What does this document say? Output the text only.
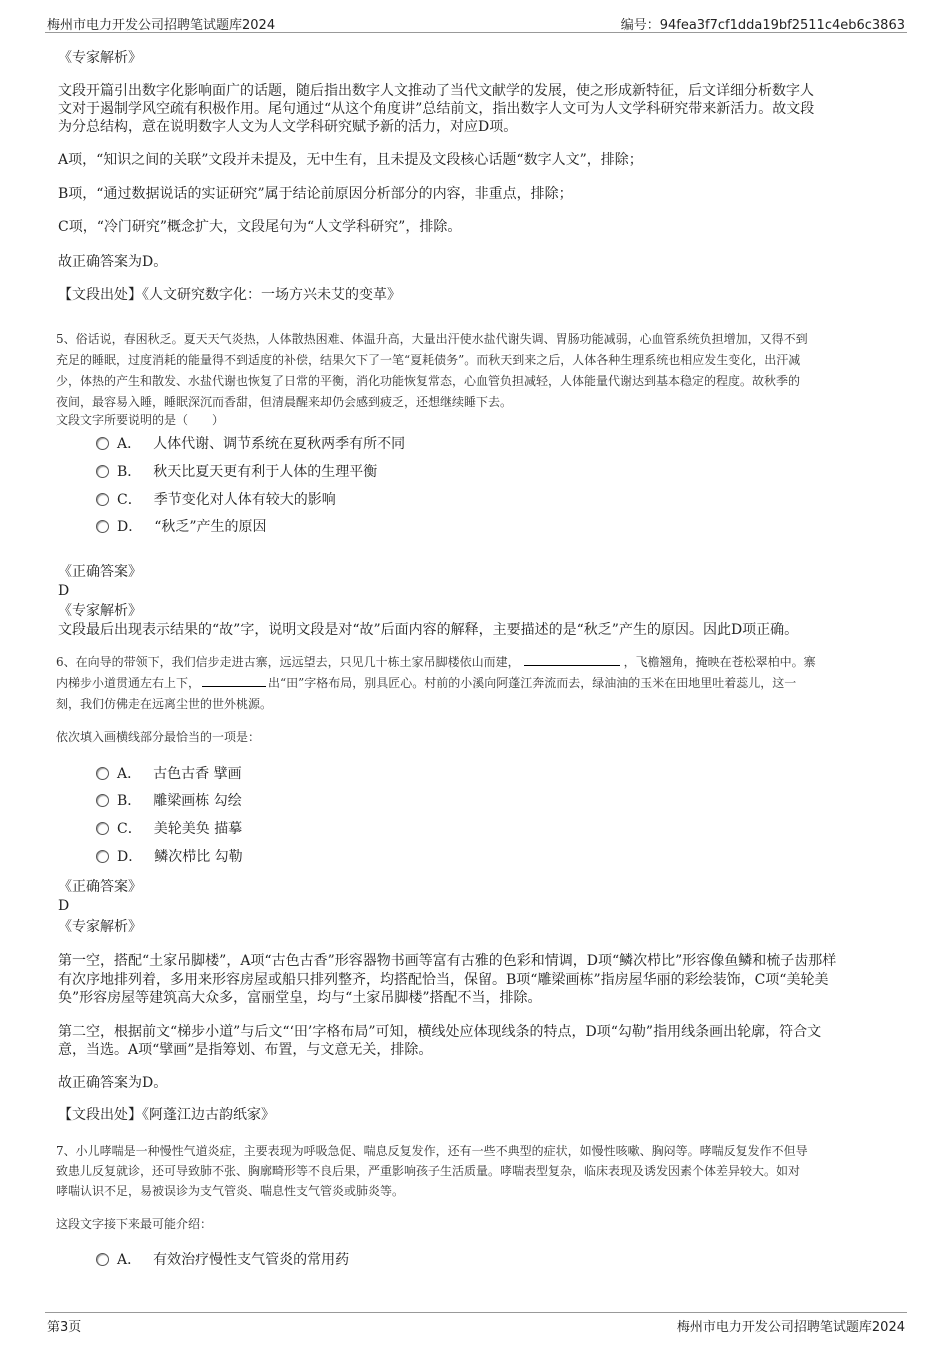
梅州市电力开发公司招聘笔试题库2024	编号：94fea3f7cf1dda19bf2511c4eb6c3863
《专家解析》
文段开篇引出数字化影响面广的话题，随后指出数字人文推动了当代文献学的发展，使之形成新特征，后文详细分析数字人
文对于遏制学风空疏有积极作用。尾句通过“从这个角度讲”总结前文，指出数字人文可为人文学科研究带来新活力。故文段
为分总结构，意在说明数字人文为人文学科研究赋予新的活力，对应D项。
A项，“知识之间的关联”文段并未提及，无中生有，且未提及文段核心话题“数字人文”，排除；
B项，“通过数据说话的实证研究”属于结论前原因分析部分的内容，非重点，排除；
C项，“冷门研究”概念扩大，文段尾句为“人文学科研究”，排除。
故正确答案为D。
【文段出处】《人文研究数字化：一场方兴未艾的变革》
5、俗话说，春困秋乏。夏天天气炎热，人体散热困难、体温升高，大量出汗使水盐代谢失调、胃肠功能减弱，心血管系统负担增加，又得不到
充足的睡眠，过度消耗的能量得不到适度的补偿，结果欠下了一笔“夏耗债务”。而秋天到来之后，人体各种生理系统也相应发生变化，出汗减
少，体热的产生和散发、水盐代谢也恢复了日常的平衡，消化功能恢复常态，心血管负担减轻，人体能量代谢达到基本稳定的程度。故秋季的
夜间，最容易入睡，睡眠深沉而香甜，但清晨醒来却仍会感到疲乏，还想继续睡下去。
文段文字所要说明的是（　　）
A． 人体代谢、调节系统在夏秋两季有所不同
B． 秋天比夏天更有利于人体的生理平衡
C． 季节变化对人体有较大的影响
D． “秋乏”产生的原因
《正确答案》
D
《专家解析》
文段最后出现表示结果的“故”字，说明文段是对“故”后面内容的解释，主要描述的是“秋乏”产生的原因。因此D项正确。
6、在向导的带领下，我们信步走进古寨，远远望去，只见几十栋土家吊脚楼依山而建，	，飞檐翘角，掩映在苍松翠柏中。寨
内梯步小道贯通左右上下，	出“田”字格布局，别具匠心。村前的小溪向阿蓬江奔流而去，绿油油的玉米在田地里吐着蕊儿，这一
刻，我们仿佛走在远离尘世的世外桃源。
依次填入画横线部分最恰当的一项是：
A． 古色古香 擘画
B． 雕梁画栋 勾绘
C． 美轮美奂 描摹
D． 鳞次栉比 勾勒
《正确答案》
D
《专家解析》
第一空，搭配“土家吊脚楼”，A项“古色古香”形容器物书画等富有古雅的色彩和情调，D项“鳞次栉比”形容像鱼鳞和梳子齿那样
有次序地排列着，多用来形容房屋或船只排列整齐，均搭配恰当，保留。B项“雕梁画栋”指房屋华丽的彩绘装饰，C项“美轮美
奂”形容房屋等建筑高大众多，富丽堂皇，均与“土家吊脚楼”搭配不当，排除。
第二空，根据前文“梯步小道”与后文“‘田’字格布局”可知，横线处应体现线条的特点，D项“勾勒”指用线条画出轮廓，符合文
意，当选。A项“擘画”是指筹划、布置，与文意无关，排除。
故正确答案为D。
【文段出处】《阿蓬江边古韵纸家》
7、小儿哮喘是一种慢性气道炎症，主要表现为呼吸急促、喘息反复发作，还有一些不典型的症状，如慢性咳嗽、胸闷等。哮喘反复发作不但导
致患儿反复就诊，还可导致肺不张、胸廓畸形等不良后果，严重影响孩子生活质量。哮喘表型复杂，临床表现及诱发因素个体差异较大。如对
哮喘认识不足，易被误诊为支气管炎、喘息性支气管炎或肺炎等。
这段文字接下来最可能介绍：
A． 有效治疗慢性支气管炎的常用药
第3页	梅州市电力开发公司招聘笔试题库2024
